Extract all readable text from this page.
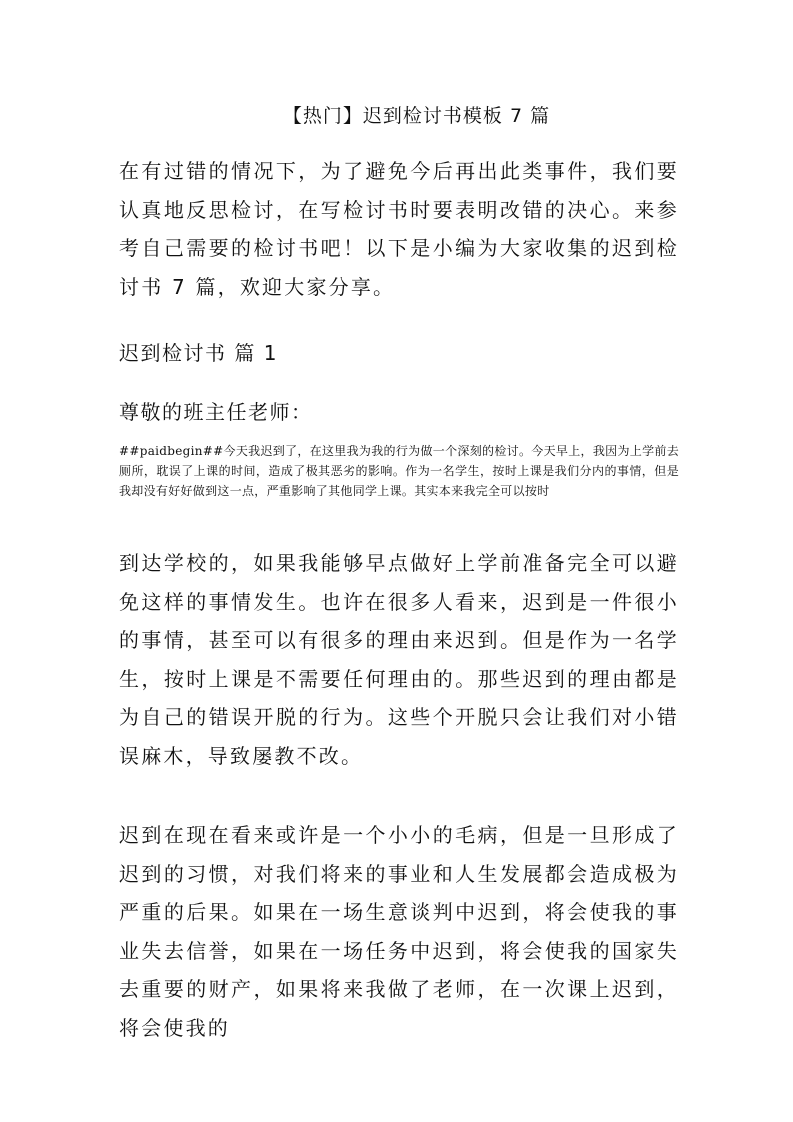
【热门】迟到检讨书模板 7 篇

在有过错的情况下，为了避免今后再出此类事件，我们要认真地反思检讨，在写检讨书时要表明改错的决心。来参考自己需要的检讨书吧！以下是小编为大家收集的迟到检讨书 7 篇，欢迎大家分享。

迟到检讨书 篇 1

尊敬的班主任老师：

##paidbegin##今天我迟到了，在这里我为我的行为做一个深刻的检讨。今天早上，我因为上学前去厕所，耽误了上课的时间，造成了极其恶劣的影响。作为一名学生，按时上课是我们分内的事情，但是我却没有好好做到这一点，严重影响了其他同学上课。其实本来我完全可以按时

到达学校的，如果我能够早点做好上学前准备完全可以避免这样的事情发生。也许在很多人看来，迟到是一件很小的事情，甚至可以有很多的理由来迟到。但是作为一名学生，按时上课是不需要任何理由的。那些迟到的理由都是为自己的错误开脱的行为。这些个开脱只会让我们对小错误麻木，导致屡教不改。

迟到在现在看来或许是一个小小的毛病，但是一旦形成了迟到的习惯，对我们将来的事业和人生发展都会造成极为严重的后果。如果在一场生意谈判中迟到，将会使我的事业失去信誉，如果在一场任务中迟到，将会使我的国家失去重要的财产，如果将来我做了老师，在一次课上迟到，将会使我的
